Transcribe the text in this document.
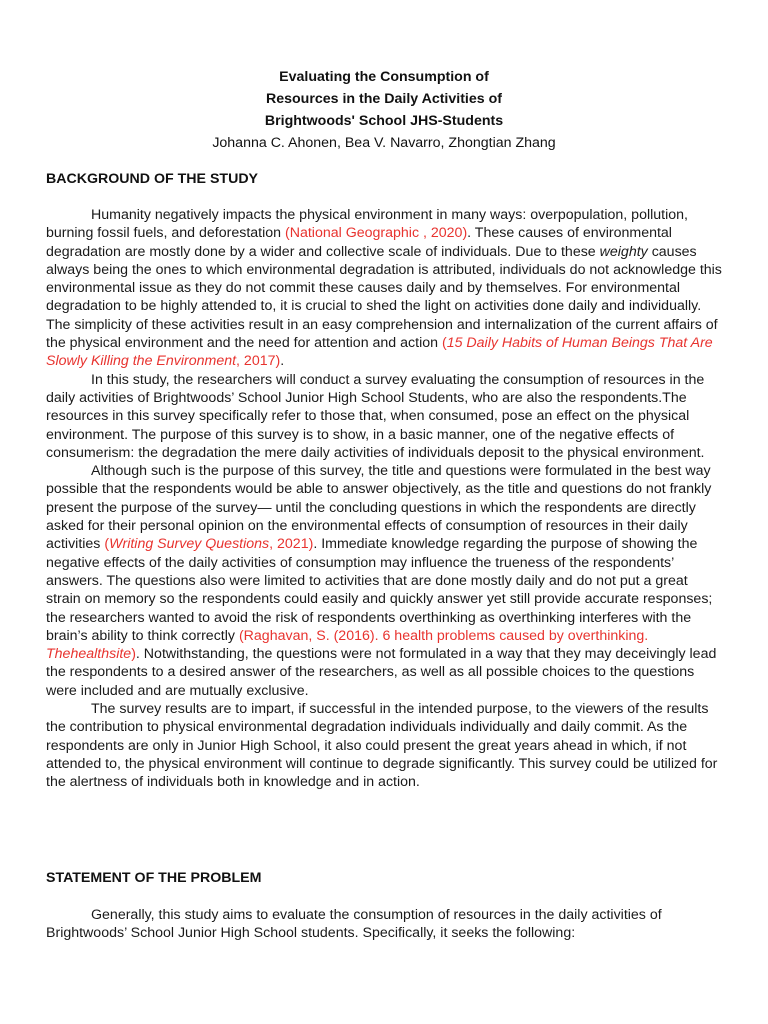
Evaluating the Consumption of
Resources in the Daily Activities of
Brightwoods' School JHS-Students
Johanna C. Ahonen, Bea V. Navarro, Zhongtian Zhang
BACKGROUND OF THE STUDY

Humanity negatively impacts the physical environment in many ways: overpopulation, pollution, burning fossil fuels, and deforestation (National Geographic , 2020). These causes of environmental degradation are mostly done by a wider and collective scale of individuals. Due to these weighty causes always being the ones to which environmental degradation is attributed, individuals do not acknowledge this environmental issue as they do not commit these causes daily and by themselves. For environmental degradation to be highly attended to, it is crucial to shed the light on activities done daily and individually. The simplicity of these activities result in an easy comprehension and internalization of the current affairs of the physical environment and the need for attention and action (15 Daily Habits of Human Beings That Are Slowly Killing the Environment, 2017).

In this study, the researchers will conduct a survey evaluating the consumption of resources in the daily activities of Brightwoods’ School Junior High School Students, who are also the respondents.The resources in this survey specifically refer to those that, when consumed, pose an effect on the physical environment. The purpose of this survey is to show, in a basic manner, one of the negative effects of consumerism: the degradation the mere daily activities of individuals deposit to the physical environment.

Although such is the purpose of this survey, the title and questions were formulated in the best way possible that the respondents would be able to answer objectively, as the title and questions do not frankly present the purpose of the survey— until the concluding questions in which the respondents are directly asked for their personal opinion on the environmental effects of consumption of resources in their daily activities (Writing Survey Questions, 2021). Immediate knowledge regarding the purpose of showing the negative effects of the daily activities of consumption may influence the trueness of the respondents’ answers. The questions also were limited to activities that are done mostly daily and do not put a great strain on memory so the respondents could easily and quickly answer yet still provide accurate responses; the researchers wanted to avoid the risk of respondents overthinking as overthinking interferes with the brain’s ability to think correctly (Raghavan, S. (2016). 6 health problems caused by overthinking. Thehealthsite). Notwithstanding, the questions were not formulated in a way that they may deceivingly lead the respondents to a desired answer of the researchers, as well as all possible choices to the questions were included and are mutually exclusive.

The survey results are to impart, if successful in the intended purpose, to the viewers of the results the contribution to physical environmental degradation individuals individually and daily commit. As the respondents are only in Junior High School, it also could present the great years ahead in which, if not attended to, the physical environment will continue to degrade significantly. This survey could be utilized for the alertness of individuals both in knowledge and in action.

STATEMENT OF THE PROBLEM

Generally, this study aims to evaluate the consumption of resources in the daily activities of Brightwoods’ School Junior High School students. Specifically, it seeks the following:
